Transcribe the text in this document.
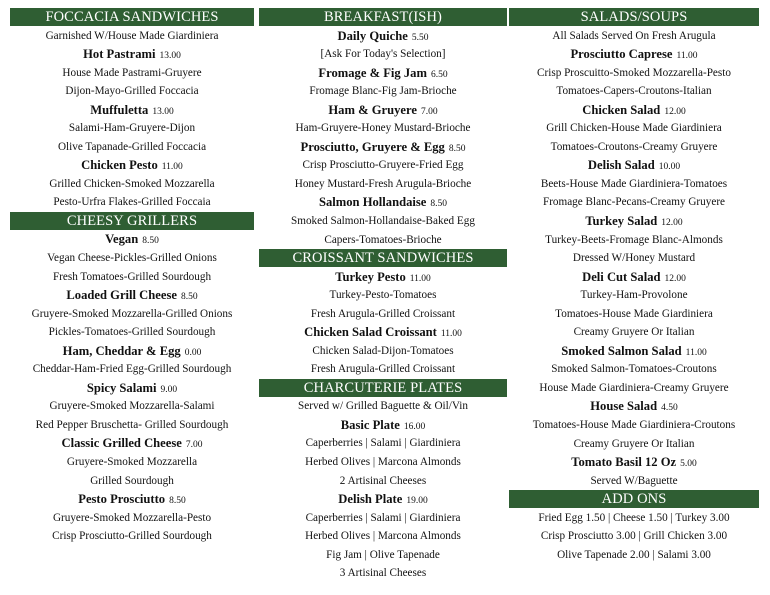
FOCCACIA SANDWICHES
Garnished W/House Made Giardiniera
Hot Pastrami 13.00
House Made Pastrami-Gruyere
Dijon-Mayo-Grilled Foccacia
Muffuletta 13.00
Salami-Ham-Gruyere-Dijon
Olive Tapanade-Grilled Foccacia
Chicken Pesto 11.00
Grilled Chicken-Smoked Mozzarella
Pesto-Urfra Flakes-Grilled Foccaia
CHEESY GRILLERS
Vegan 8.50
Vegan Cheese-Pickles-Grilled Onions
Fresh Tomatoes-Grilled Sourdough
Loaded Grill Cheese 8.50
Gruyere-Smoked Mozzarella-Grilled Onions
Pickles-Tomatoes-Grilled Sourdough
Ham, Cheddar & Egg 0.00
Cheddar-Ham-Fried Egg-Grilled Sourdough
Spicy Salami 9.00
Gruyere-Smoked Mozzarella-Salami
Red Pepper Bruschetta- Grilled Sourdough
Classic Grilled Cheese 7.00
Gruyere-Smoked Mozzarella
Grilled Sourdough
Pesto Prosciutto 8.50
Gruyere-Smoked Mozzarella-Pesto
Crisp Prosciutto-Grilled Sourdough
BREAKFAST(ISH)
Daily Quiche 5.50
[Ask For Today's Selection]
Fromage & Fig Jam 6.50
Fromage Blanc-Fig Jam-Brioche
Ham & Gruyere 7.00
Ham-Gruyere-Honey Mustard-Brioche
Prosciutto, Gruyere & Egg 8.50
Crisp Prosciutto-Gruyere-Fried Egg
Honey Mustard-Fresh Arugula-Brioche
Salmon Hollandaise 8.50
Smoked Salmon-Hollandaise-Baked Egg
Capers-Tomatoes-Brioche
CROISSANT SANDWICHES
Turkey Pesto 11.00
Turkey-Pesto-Tomatoes
Fresh Arugula-Grilled Croissant
Chicken Salad Croissant 11.00
Chicken Salad-Dijon-Tomatoes
Fresh Arugula-Grilled Croissant
CHARCUTERIE PLATES
Served w/ Grilled Baguette & Oil/Vin
Basic Plate 16.00
Caperberries | Salami | Giardiniera
Herbed Olives | Marcona Almonds
2 Artisinal Cheeses
Delish Plate 19.00
Caperberries | Salami | Giardiniera
Herbed Olives | Marcona Almonds
Fig Jam | Olive Tapenade
3 Artisinal Cheeses
SALADS/SOUPS
All Salads Served On Fresh Arugula
Prosciutto Caprese 11.00
Crisp Proscuitto-Smoked Mozzarella-Pesto
Tomatoes-Capers-Croutons-Italian
Chicken Salad 12.00
Grill Chicken-House Made Giardiniera
Tomatoes-Croutons-Creamy Gruyere
Delish Salad 10.00
Beets-House Made Giardiniera-Tomatoes
Fromage Blanc-Pecans-Creamy Gruyere
Turkey Salad 12.00
Turkey-Beets-Fromage Blanc-Almonds
Dressed W/Honey Mustard
Deli Cut Salad 12.00
Turkey-Ham-Provolone
Tomatoes-House Made Giardiniera
Creamy Gruyere Or Italian
Smoked Salmon Salad 11.00
Smoked Salmon-Tomatoes-Croutons
House Made Giardiniera-Creamy Gruyere
House Salad 4.50
Tomatoes-House Made Giardiniera-Croutons
Creamy Gruyere Or Italian
Tomato Basil 12 Oz 5.00
Served W/Baguette
ADD ONS
Fried Egg 1.50 | Cheese 1.50 | Turkey 3.00
Crisp Prosciutto 3.00 | Grill Chicken 3.00
Olive Tapenade 2.00 | Salami 3.00
